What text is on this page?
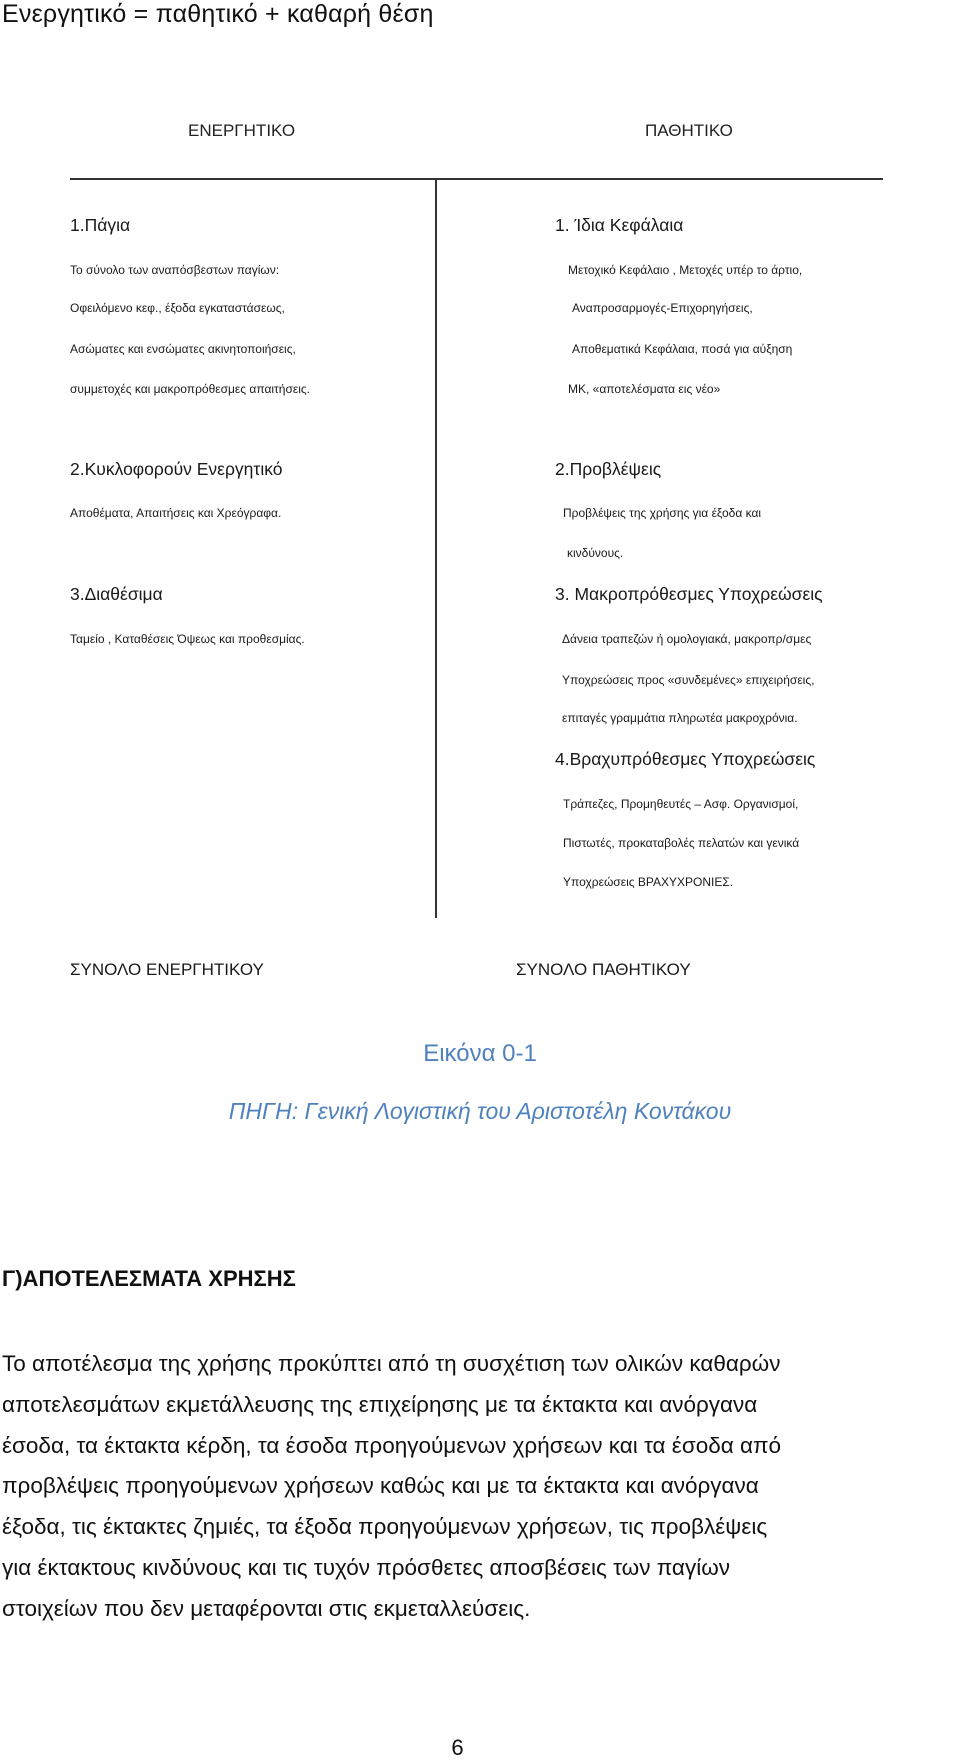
Ενεργητικό = παθητικό + καθαρή θέση
ΕΝΕΡΓΗΤΙΚΟ	ΠΑΘΗΤΙΚΟ
1.Πάγια
Το σύνολο των αναπόσβεστων παγίων:
Οφειλόμενο κεφ., έξοδα εγκαταστάσεως,
Ασώματες και ενσώματες ακινητοποιήσεις,
συμμετοχές και μακροπρόθεσμες απαιτήσεις.
2.Κυκλοφορούν Ενεργητικό
Αποθέματα, Απαιτήσεις και Χρεόγραφα.
3.Διαθέσιμα
Ταμείο , Καταθέσεις Όψεως και προθεσμίας.
1. Ίδια Κεφάλαια
Μετοχικό Κεφάλαιο , Μετοχές υπέρ το άρτιο,
Αναπροσαρμογές-Επιχορηγήσεις,
Αποθεματικά Κεφάλαια, ποσά για αύξηση
ΜΚ, «αποτελέσματα εις νέο»
2.Προβλέψεις
Προβλέψεις της χρήσης για έξοδα και
κινδύνους.
3. Μακροπρόθεσμες Υποχρεώσεις
Δάνεια τραπεζών ή ομολογιακά, μακροπρ/σμες
Υποχρεώσεις προς «συνδεμένες» επιχειρήσεις,
επιταγές γραμμάτια πληρωτέα μακροχρόνια.
4.Βραχυπρόθεσμες Υποχρεώσεις
Τράπεζες, Προμηθευτές – Ασφ. Οργανισμοί,
Πιστωτές, προκαταβολές πελατών και γενικά
Υποχρεώσεις ΒΡΑΧΥΧΡΟΝΙΕΣ.
ΣΥΝΟΛΟ ΕΝΕΡΓΗΤΙΚΟΥ	ΣΥΝΟΛΟ ΠΑΘΗΤΙΚΟΥ
Εικόνα 0-1
ΠΗΓΗ: Γενική Λογιστική του Αριστοτέλη Κοντάκου
Γ)ΑΠΟΤΕΛΕΣΜΑΤΑ ΧΡΗΣΗΣ
Το αποτέλεσμα της χρήσης προκύπτει από τη συσχέτιση των ολικών καθαρών
αποτελεσμάτων εκμετάλλευσης της επιχείρησης με τα έκτακτα και ανόργανα
έσοδα, τα έκτακτα κέρδη, τα έσοδα προηγούμενων χρήσεων και τα έσοδα από
προβλέψεις προηγούμενων χρήσεων καθώς και με τα έκτακτα και ανόργανα
έξοδα, τις έκτακτες ζημιές, τα έξοδα προηγούμενων χρήσεων, τις προβλέψεις
για έκτακτους κινδύνους και τις τυχόν πρόσθετες αποσβέσεις των παγίων
στοιχείων που δεν μεταφέρονται στις εκμεταλλεύσεις.
6
